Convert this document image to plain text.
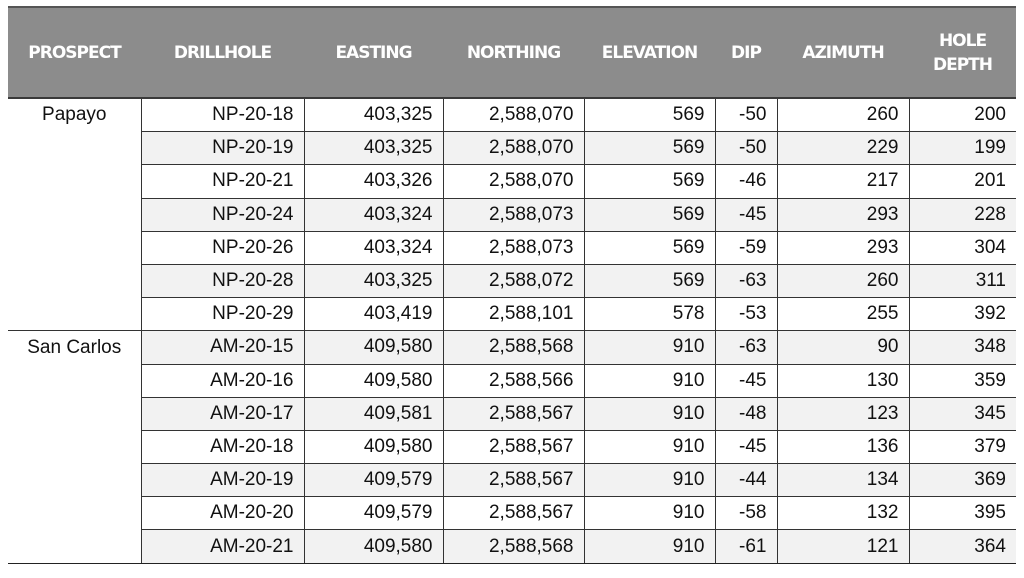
PROSPECT	DRILLHOLE	EASTING	NORTHING	ELEVATION	DIP	AZIMUTH	HOLE DEPTH
Papayo	NP-20-18	403,325	2,588,070	569	-50	260	200
	NP-20-19	403,325	2,588,070	569	-50	229	199
	NP-20-21	403,326	2,588,070	569	-46	217	201
	NP-20-24	403,324	2,588,073	569	-45	293	228
	NP-20-26	403,324	2,588,073	569	-59	293	304
	NP-20-28	403,325	2,588,072	569	-63	260	311
	NP-20-29	403,419	2,588,101	578	-53	255	392
San Carlos	AM-20-15	409,580	2,588,568	910	-63	90	348
	AM-20-16	409,580	2,588,566	910	-45	130	359
	AM-20-17	409,581	2,588,567	910	-48	123	345
	AM-20-18	409,580	2,588,567	910	-45	136	379
	AM-20-19	409,579	2,588,567	910	-44	134	369
	AM-20-20	409,579	2,588,567	910	-58	132	395
	AM-20-21	409,580	2,588,568	910	-61	121	364
